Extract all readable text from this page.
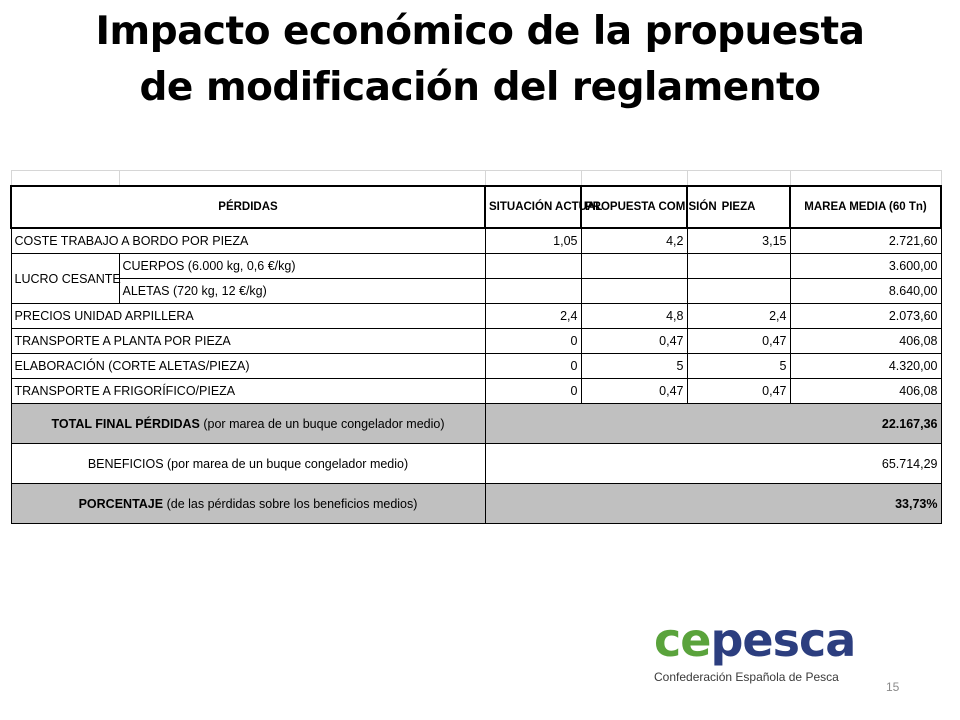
Impacto económico de la propuesta
de modificación del reglamento

PÉRDIDAS		SITUACIÓN ACTUAL	PROPUESTA COMISIÓN	PIEZA	MAREA MEDIA (60 Tn)
COSTE TRABAJO A BORDO POR PIEZA		1,05	4,2	3,15	2.721,60
LUCRO CESANTE	CUERPOS (6.000 kg, 0,6 €/kg)				3.600,00
	ALETAS (720 kg, 12 €/kg)				8.640,00
PRECIOS UNIDAD ARPILLERA		2,4	4,8	2,4	2.073,60
TRANSPORTE A PLANTA POR PIEZA		0	0,47	0,47	406,08
ELABORACIÓN (CORTE ALETAS/PIEZA)		0	5	5	4.320,00
TRANSPORTE A FRIGORÍFICO/PIEZA		0	0,47	0,47	406,08
TOTAL FINAL PÉRDIDAS (por marea de un buque congelador medio)		22.167,36			
BENEFICIOS (por marea de un buque congelador medio)		65.714,29			
PORCENTAJE (de las pérdidas sobre los beneficios medios)		33,73%			
cepesca
Confederación Española de Pesca
15
